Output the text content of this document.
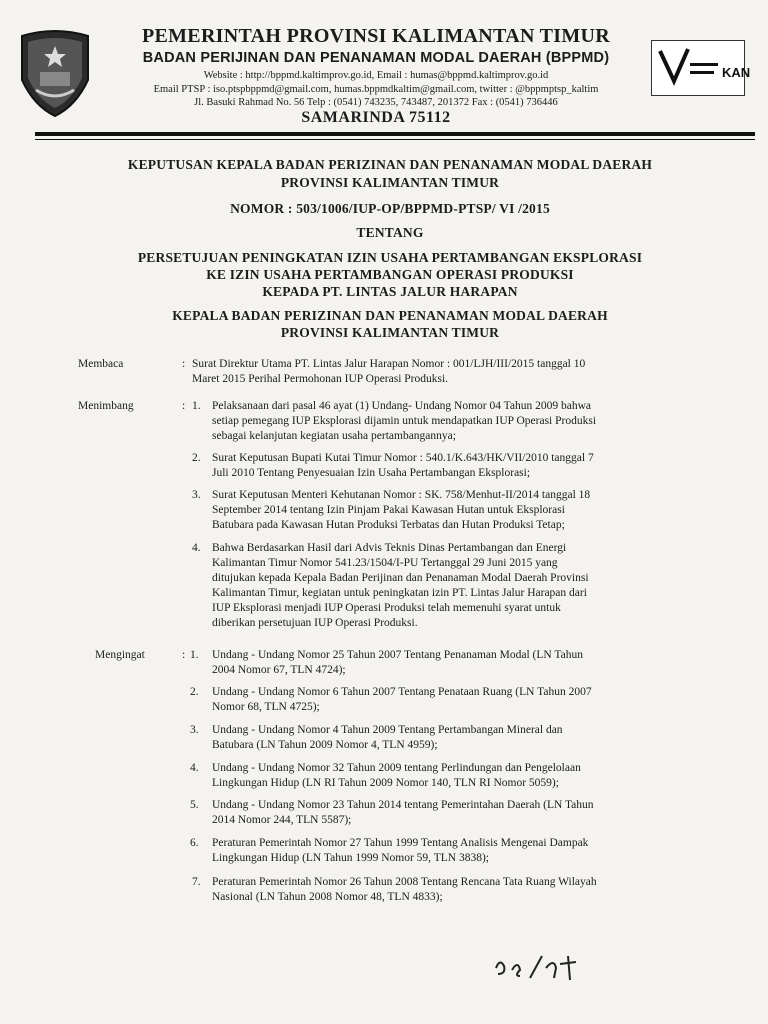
KAN
PEMERINTAH PROVINSI KALIMANTAN TIMUR
BADAN PERIJINAN DAN PENANAMAN MODAL DAERAH (BPPMD)
Website : http://bppmd.kaltimprov.go.id, Email : humas@bppmd.kaltimprov.go.id
Email PTSP : iso.ptspbppmd@gmail.com, humas.bppmdkaltim@gmail.com, twitter : @bppmptsp_kaltim
Jl. Basuki Rahmad No. 56 Telp : (0541) 743235, 743487, 201372 Fax : (0541) 736446
SAMARINDA 75112
KEPUTUSAN KEPALA BADAN PERIZINAN DAN PENANAMAN MODAL DAERAH
PROVINSI KALIMANTAN TIMUR
NOMOR : 503/1006/IUP-OP/BPPMD-PTSP/ VI /2015
TENTANG
PERSETUJUAN PENINGKATAN IZIN USAHA PERTAMBANGAN EKSPLORASI
KE IZIN USAHA PERTAMBANGAN OPERASI PRODUKSI
KEPADA PT. LINTAS JALUR HARAPAN
KEPALA BADAN PERIZINAN DAN PENANAMAN MODAL DAERAH
PROVINSI KALIMANTAN TIMUR
Membaca	: Surat Direktur Utama PT. Lintas Jalur Harapan Nomor : 001/LJH/III/2015 tanggal 10
Maret 2015 Perihal Permohonan IUP Operasi Produksi.
Menimbang	: 1. Pelaksanaan dari pasal 46 ayat (1) Undang- Undang Nomor 04 Tahun 2009 bahwa
setiap pemegang IUP Eksplorasi dijamin untuk mendapatkan IUP Operasi Produksi
sebagai kelanjutan kegiatan usaha pertambangannya;
2. Surat Keputusan Bupati Kutai Timur Nomor : 540.1/K.643/HK/VII/2010 tanggal 7
Juli 2010 Tentang Penyesuaian Izin Usaha Pertambangan Eksplorasi;
3. Surat Keputusan Menteri Kehutanan Nomor : SK. 758/Menhut-II/2014 tanggal 18
September 2014 tentang Izin Pinjam Pakai Kawasan Hutan untuk Eksplorasi
Batubara pada Kawasan Hutan Produksi Terbatas dan Hutan Produksi Tetap;
4. Bahwa Berdasarkan Hasil dari Advis Teknis Dinas Pertambangan dan Energi
Kalimantan Timur Nomor 541.23/1504/I-PU Tertanggal 29 Juni 2015 yang
ditujukan kepada Kepala Badan Perijinan dan Penanaman Modal Daerah Provinsi
Kalimantan Timur, kegiatan untuk peningkatan izin PT. Lintas Jalur Harapan dari
IUP Eksplorasi menjadi IUP Operasi Produksi telah memenuhi syarat untuk
diberikan persetujuan IUP Operasi Produksi.
Mengingat	: 1. Undang - Undang Nomor 25 Tahun 2007 Tentang Penanaman Modal (LN Tahun
2004 Nomor 67, TLN 4724);
2. Undang - Undang Nomor 6 Tahun 2007 Tentang Penataan Ruang (LN Tahun 2007
Nomor 68, TLN 4725);
3. Undang - Undang Nomor 4 Tahun 2009 Tentang Pertambangan Mineral dan
Batubara (LN Tahun 2009 Nomor 4, TLN 4959);
4. Undang - Undang Nomor 32 Tahun 2009 tentang Perlindungan dan Pengelolaan
Lingkungan Hidup (LN RI Tahun 2009 Nomor 140, TLN RI Nomor 5059);
5. Undang - Undang Nomor 23 Tahun 2014 tentang Pemerintahan Daerah (LN Tahun
2014 Nomor 244, TLN 5587);
6. Peraturan Pemerintah Nomor 27 Tahun 1999 Tentang Analisis Mengenai Dampak
Lingkungan Hidup (LN Tahun 1999 Nomor 59, TLN 3838);
7. Peraturan Pemerintah Nomor 26 Tahun 2008 Tentang Rencana Tata Ruang Wilayah
Nasional (LN Tahun 2008 Nomor 48, TLN 4833);
